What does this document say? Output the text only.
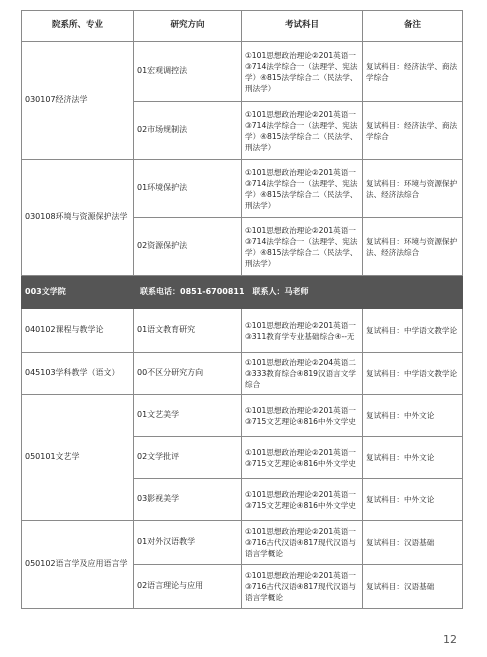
院系所、专业	研究方向	考试科目	备注
030107经济法学	01宏观调控法	①101思想政治理论②201英语一③714法学综合一（法理学、宪法学）④815法学综合二（民法学、刑法学）	复试科目：经济法学、商法学综合
	02市场规制法	①101思想政治理论②201英语一③714法学综合一（法理学、宪法学）④815法学综合二（民法学、刑法学）	复试科目：经济法学、商法学综合
030108环境与资源保护法学	01环境保护法	①101思想政治理论②201英语一③714法学综合一（法理学、宪法学）④815法学综合二（民法学、刑法学）	复试科目：环境与资源保护法、经济法综合
	02资源保护法	①101思想政治理论②201英语一③714法学综合一（法理学、宪法学）④815法学综合二（民法学、刑法学）	复试科目：环境与资源保护法、经济法综合
003文学院	联系电话：0851-6700811　联系人：马老师		
040102课程与教学论	01语文教育研究	①101思想政治理论②201英语一③311教育学专业基础综合④--无	复试科目：中学语文教学论
045103学科教学（语文）	00不区分研究方向	①101思想政治理论②204英语二③333教育综合④819汉语言文学综合	复试科目：中学语文教学论
050101文艺学	01文艺美学	①101思想政治理论②201英语一③715文艺理论④816中外文学史	复试科目：中外文论
	02文学批评	①101思想政治理论②201英语一③715文艺理论④816中外文学史	复试科目：中外文论
	03影视美学	①101思想政治理论②201英语一③715文艺理论④816中外文学史	复试科目：中外文论
050102语言学及应用语言学	01对外汉语教学	①101思想政治理论②201英语一③716古代汉语④817现代汉语与语言学概论	复试科目：汉语基础
	02语言理论与应用	①101思想政治理论②201英语一③716古代汉语④817现代汉语与语言学概论	复试科目：汉语基础
12
